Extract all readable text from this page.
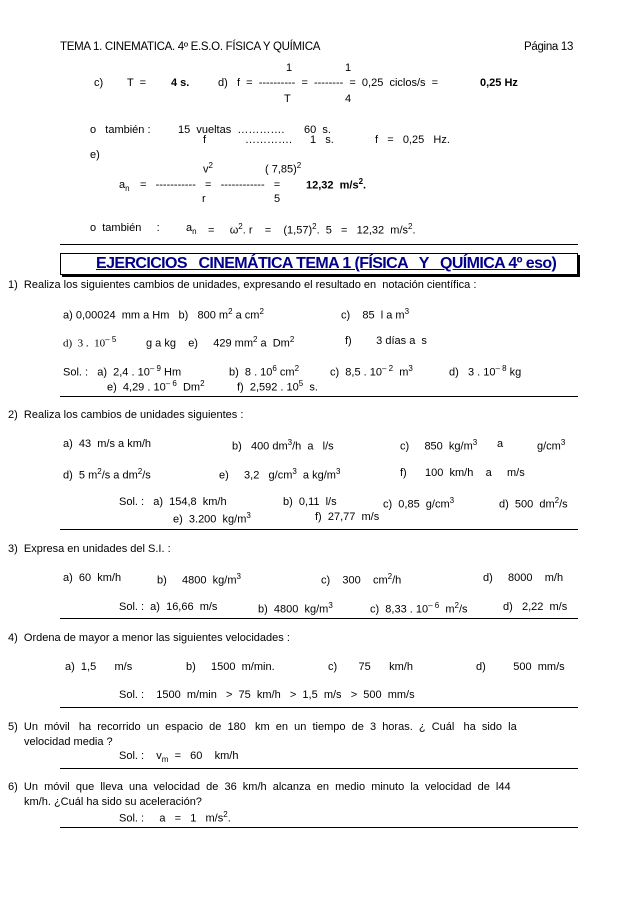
TEMA 1. CINEMATICA. 4º E.S.O. FÍSICA Y QUÍMICA	Página 13
1	1
c) T  = 4 s.	d) f  =  ----------  =  --------  =  0,25  ciclos/s  =	0,25 Hz
T	4
o   también : 15  vueltas  …………. 60  s.
f	…………. 1   s.	f   =   0,25   Hz.
e)
$v^2$	( 7,85)$^2$
$a_n$ =   -----------   =   ------------   = 12,32  $m/s^2$.
r	5
o  también     : $a_n$ =     $\omega^2$. r    =    $(1,57)^2$.  5   =   12,32  $m/s^2$.
EJERCICIOS   CINEMÁTICA TEMA 1 (FÍSICA   Y   QUÍMICA 4º eso)
1)  Realiza los siguientes cambios de unidades, expresando el resultado en  notación científica :
a) 0,00024  mm a Hm   b)   800 $m^2$ a $cm^2$	c)    85  l a $m^3$
d)  3 .  $10^{- 5}$	g a kg    e)     429 $mm^2$ a  Dm$^2$	f)        3 días a  s
Sol. :   a)  2,4 . $10^{- 9}$ Hm	b)  8 . $10^6$ $cm^2$	c)  8,5 . $10^{- 2}$  $m^3$	d)   3 . $10^{- 8}$ kg
e)  4,29 . $10^{- 6}$  Dm$^2$	f)  2,592 . $10^5$  s.
2)  Realiza los cambios de unidades siguientes :
a)  43  m/s a km/h	b)   400 $dm^3/h$  a   l/s	c)     850  $kg/m^3$ a	$g/cm^3$
d)  5 $m^2/s$ a $dm^2/s$	e)     3,2   $g/cm^3$  a $kg/m^3$	f)      100  km/h    a     m/s
Sol. :   a)  154,8  km/h	b)  0,11  l/s	c)  0,85  $g/cm^3$	d)  500  $dm^2/s$
e)  3.200  $kg/m^3$	f)  27,77  m/s
3)  Expresa en unidades del S.I. :
a)  60  km/h	b)     4800  $kg/m^3$	c)    300    $cm^2/h$	d)     8000    m/h
Sol. :  a)  16,66  m/s	b)  4800  $kg/m^3$	c)  8,33 . $10^{- 6}$  $m^2/s$	d)   2,22  m/s
4)  Ordena de mayor a menor las siguientes velocidades :
a)  1,5      m/s	b)     1500  m/min.	c)       75      km/h	d)         500  mm/s
Sol. :    1500  m/min   >  75  km/h   >  1,5  m/s   >  500  mm/s
5)  Un  móvil   ha  recorrido  un  espacio  de  180   km  en  un  tiempo  de  3  horas.  ¿  Cuál   ha  sido  la
velocidad media ?
Sol. :    $v_m = 60$    km/h
6)  Un  móvil  que  lleva  una  velocidad  de  36  km/h  alcanza  en  medio  minuto  la  velocidad  de  l44
km/h. ¿Cuál ha sido su aceleración?
Sol. :     a   =   1   $m/s^2$.
